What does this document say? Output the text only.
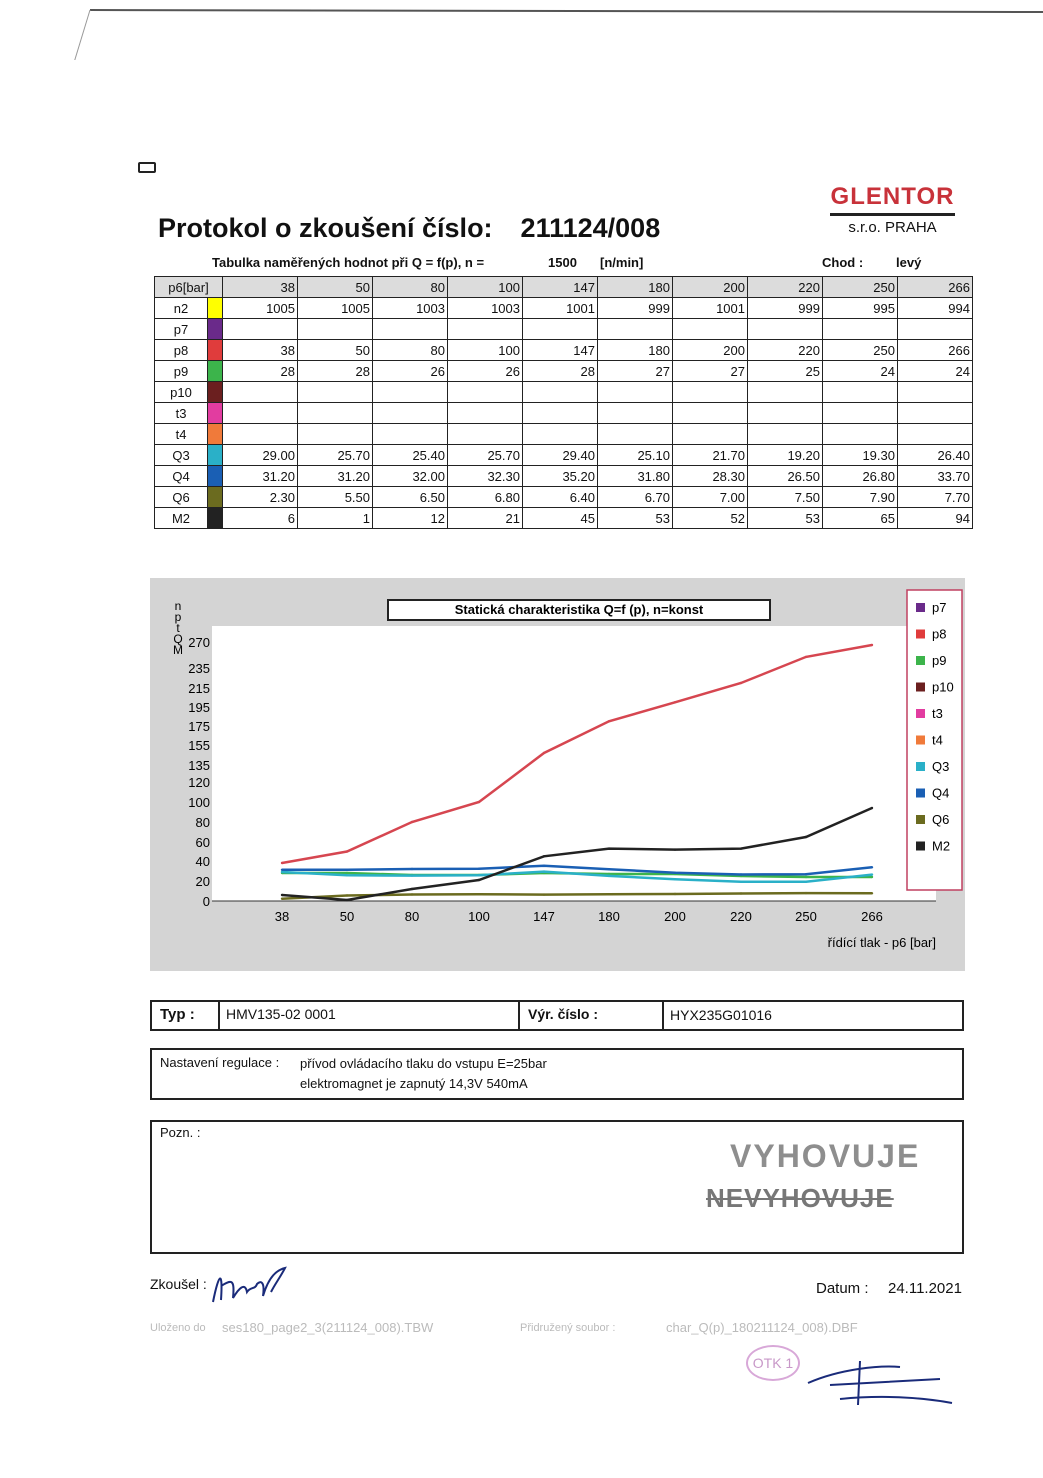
GLENTOR
s.r.o. PRAHA
Protokol o zkoušení číslo: 211124/008
Tabulka naměřených hodnot při Q = f(p), n =	1500 [n/min]	Chod :	levý
p6[bar]		38	50	80	100	147	180	200	220	250	266
n2		1005	1005	1003	1003	1001	999	1001	999	995	994
p7											
p8		38	50	80	100	147	180	200	220	250	266
p9		28	28	26	26	28	27	27	25	24	24
p10											
t3											
t4											
Q3		29.00	25.70	25.40	25.70	29.40	25.10	21.70	19.20	19.30	26.40
Q4		31.20	31.20	32.00	32.30	35.20	31.80	28.30	26.50	26.80	33.70
Q6		2.30	5.50	6.50	6.80	6.40	6.70	7.00	7.50	7.90	7.70
M2		6	1	12	21	45	53	52	53	65	94
Statická charakteristika Q=f (p), n=konst
n
p
t
Q
M 270
235
215
195
175
155
135
120
100
80
60
40
20
0
38	50	80	100	147	180	200	220	250	266
řídící tlak - p6 [bar]
p7
p8
p9
p10
t3
t4
Q3
Q4
Q6
M2
Typ : HMV135-02 0001	Výr. číslo :	HYX235G01016
Nastavení regulace : přívod ovládacího tlaku do vstupu E=25bar
elektromagnet je zapnutý 14,3V 540mA
Pozn. :
VYHOVUJE
NEVYHOVUJE
Zkoušel :	Datum : 24.11.2021
Uloženo do ses180_page2_3(211124_008).TBW	Přidružený soubor :	char_Q(p)_180211124_008).DBF
OTK 1
